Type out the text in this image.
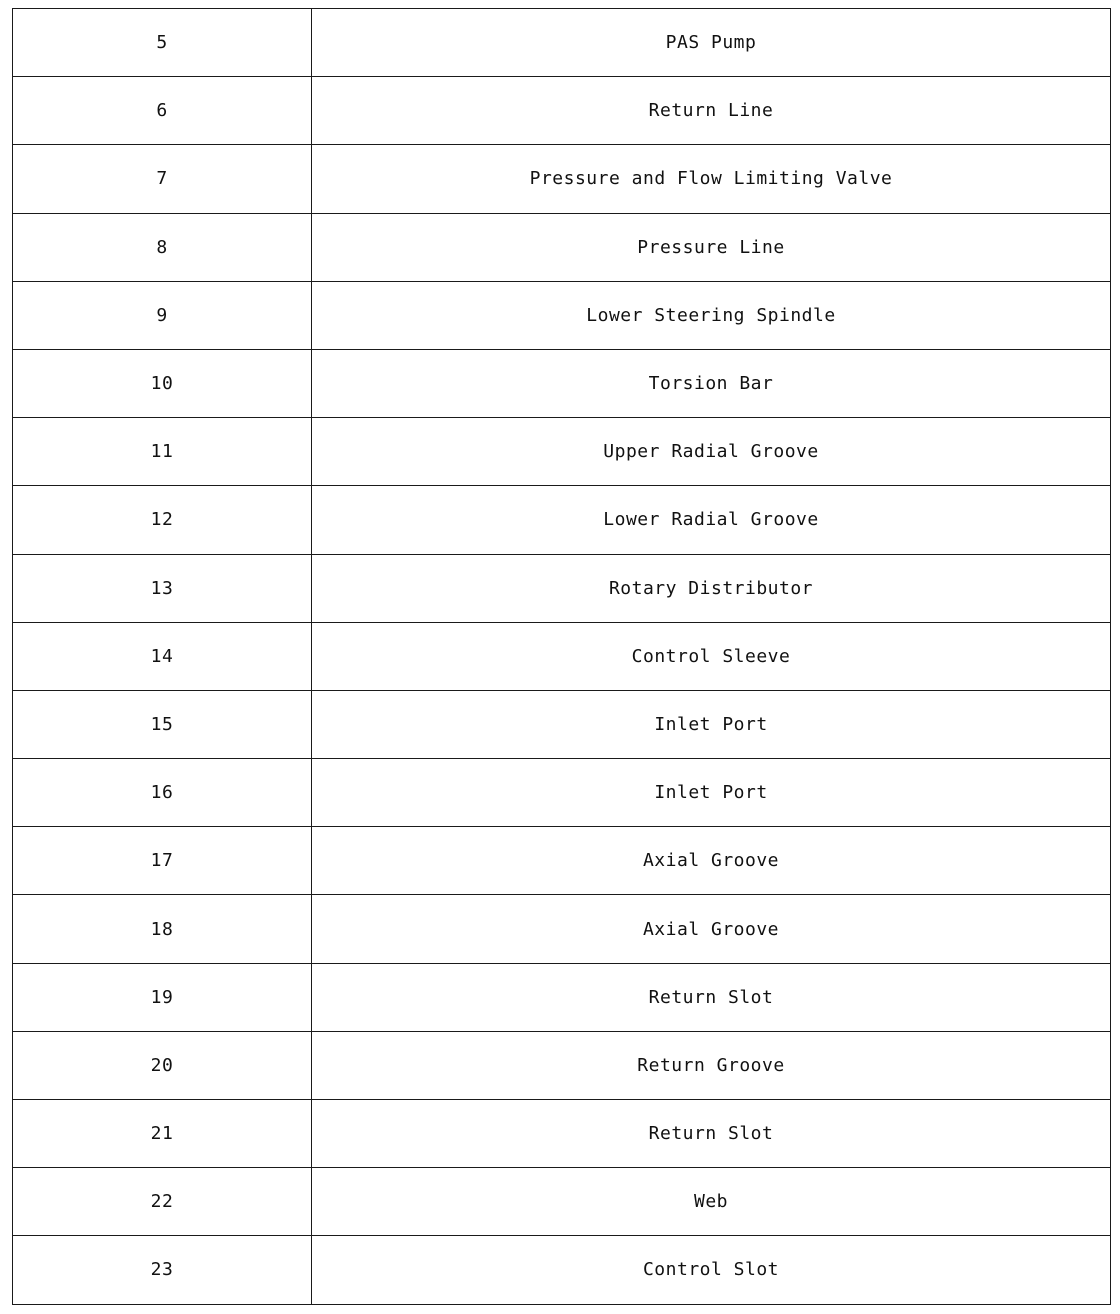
5	PAS Pump
6	Return Line
7	Pressure and Flow Limiting Valve
8	Pressure Line
9	Lower Steering Spindle
10	Torsion Bar
11	Upper Radial Groove
12	Lower Radial Groove
13	Rotary Distributor
14	Control Sleeve
15	Inlet Port
16	Inlet Port
17	Axial Groove
18	Axial Groove
19	Return Slot
20	Return Groove
21	Return Slot
22	Web
23	Control Slot
